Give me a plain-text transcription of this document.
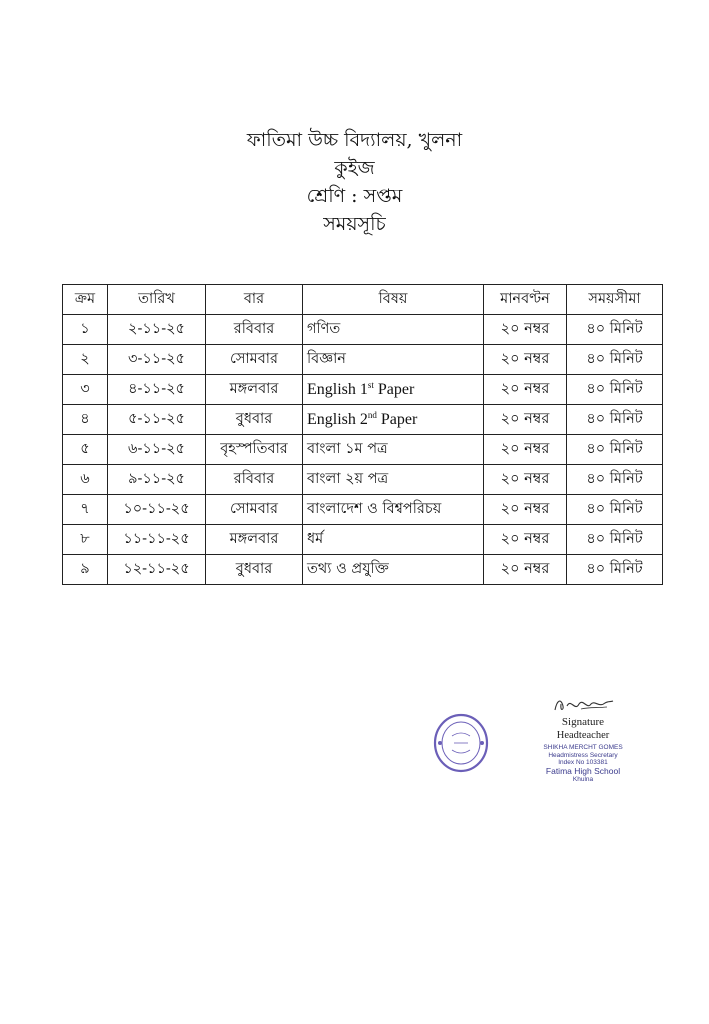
ফাতিমা উচ্চ বিদ্যালয়, খুলনা
কুইজ
শ্রেণি : সপ্তম
সময়সূচি
ক্রম	তারিখ	বার	বিষয়	মানবণ্টন	সময়সীমা
১	২-১১-২৫	রবিবার	গণিত	২০ নম্বর	৪০ মিনিট
২	৩-১১-২৫	সোমবার	বিজ্ঞান	২০ নম্বর	৪০ মিনিট
৩	৪-১১-২৫	মঙ্গলবার	English 1st Paper	২০ নম্বর	৪০ মিনিট
৪	৫-১১-২৫	বুধবার	English 2nd Paper	২০ নম্বর	৪০ মিনিট
৫	৬-১১-২৫	বৃহস্পতিবার	বাংলা ১ম পত্র	২০ নম্বর	৪০ মিনিট
৬	৯-১১-২৫	রবিবার	বাংলা ২য় পত্র	২০ নম্বর	৪০ মিনিট
৭	১০-১১-২৫	সোমবার	বাংলাদেশ ও বিশ্বপরিচয়	২০ নম্বর	৪০ মিনিট
৮	১১-১১-২৫	মঙ্গলবার	ধর্ম	২০ নম্বর	৪০ মিনিট
৯	১২-১১-২৫	বুধবার	তথ্য ও প্রযুক্তি	২০ নম্বর	৪০ মিনিট
Signature
Headteacher
SHIKHA MERCHT GOMES
Headmistress Secretary
Index No 103381
Fatima High School
Khulna
